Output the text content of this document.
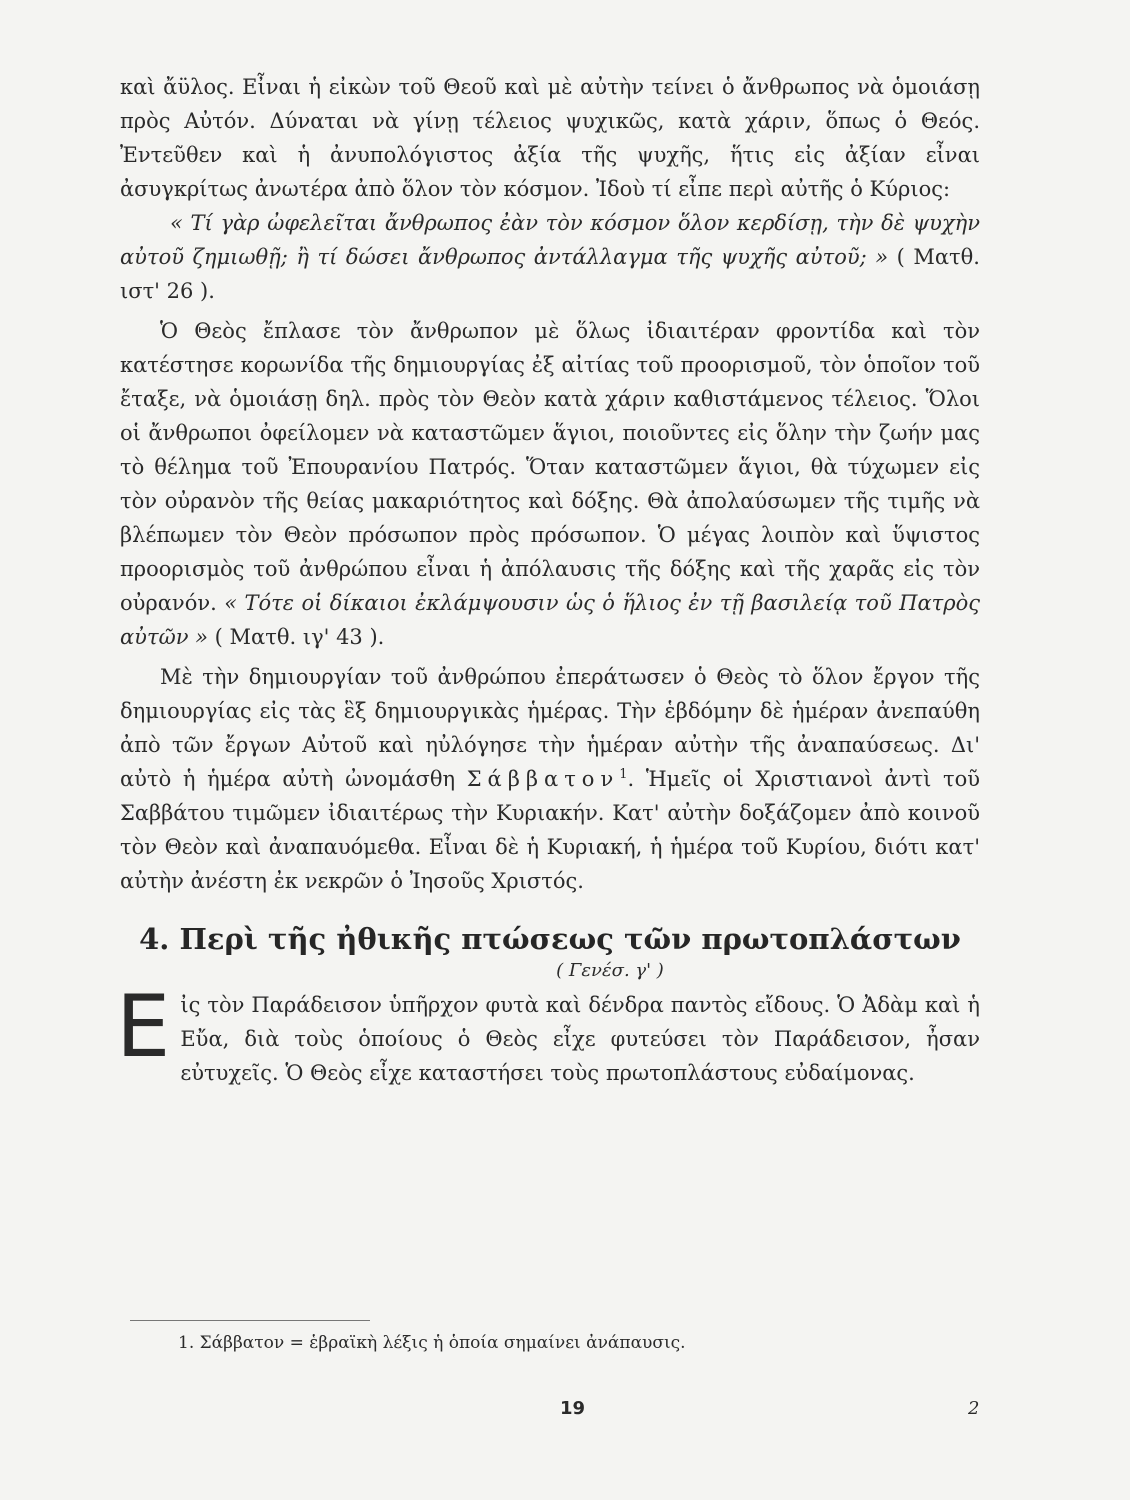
καὶ ἄϋλος. Εἶναι ἡ εἰκὼν τοῦ Θεοῦ καὶ μὲ αὐτὴν τείνει ὁ ἄνθρωπος νὰ ὁμοιάσῃ πρὸς Αὐτόν. Δύναται νὰ γίνῃ τέλειος ψυχικῶς, κατὰ χάριν, ὅπως ὁ Θεός. Ἐντεῦθεν καὶ ἡ ἀνυπολόγιστος ἀξία τῆς ψυχῆς, ἥτις εἰς ἀξίαν εἶναι ἀσυγκρίτως ἀνωτέρα ἀπὸ ὅλον τὸν κόσμον. Ἰδοὺ τί εἶπε περὶ αὐτῆς ὁ Κύριος:

« Τί γὰρ ὠφελεῖται ἄνθρωπος ἐὰν τὸν κόσμον ὅλον κερδίσῃ, τὴν δὲ ψυχὴν αὐτοῦ ζημιωθῇ; ἢ τί δώσει ἄνθρωπος ἀντάλλαγμα τῆς ψυχῆς αὐτοῦ; » ( Ματθ. ιστ' 26 ).

Ὁ Θεὸς ἔπλασε τὸν ἄνθρωπον μὲ ὅλως ἰδιαιτέραν φροντίδα καὶ τὸν κατέστησε κορωνίδα τῆς δημιουργίας ἐξ αἰτίας τοῦ προορισμοῦ, τὸν ὁποῖον τοῦ ἔταξε, νὰ ὁμοιάσῃ δηλ. πρὸς τὸν Θεὸν κατὰ χάριν καθιστάμενος τέλειος. Ὅλοι οἱ ἄνθρωποι ὀφείλομεν νὰ καταστῶμεν ἅγιοι, ποιοῦντες εἰς ὅλην τὴν ζωήν μας τὸ θέλημα τοῦ Ἐπουρανίου Πατρός. Ὅταν καταστῶμεν ἅγιοι, θὰ τύχωμεν εἰς τὸν οὐρανὸν τῆς θείας μακαριότητος καὶ δόξης. Θὰ ἀπολαύσωμεν τῆς τιμῆς νὰ βλέπωμεν τὸν Θεὸν πρόσωπον πρὸς πρόσωπον. Ὁ μέγας λοιπὸν καὶ ὕψιστος προορισμὸς τοῦ ἀνθρώπου εἶναι ἡ ἀπόλαυσις τῆς δόξης καὶ τῆς χαρᾶς εἰς τὸν οὐρανόν. « Τότε οἱ δίκαιοι ἐκλάμψουσιν ὡς ὁ ἥλιος ἐν τῇ βασιλείᾳ τοῦ Πατρὸς αὐτῶν » ( Ματθ. ιγ' 43 ).

Μὲ τὴν δημιουργίαν τοῦ ἀνθρώπου ἐπεράτωσεν ὁ Θεὸς τὸ ὅλον ἔργον τῆς δημιουργίας εἰς τὰς ἓξ δημιουργικὰς ἡμέρας. Τὴν ἑβδόμην δὲ ἡμέραν ἀνεπαύθη ἀπὸ τῶν ἔργων Αὐτοῦ καὶ ηὐλόγησε τὴν ἡμέραν αὐτὴν τῆς ἀναπαύσεως. Δι' αὐτὸ ἡ ἡμέρα αὐτὴ ὠνομάσθη Σάββατον$^1$. Ἡμεῖς οἱ Χριστιανοὶ ἀντὶ τοῦ Σαββάτου τιμῶμεν ἰδιαιτέρως τὴν Κυριακήν. Κατ' αὐτὴν δοξάζομεν ἀπὸ κοινοῦ τὸν Θεὸν καὶ ἀναπαυόμεθα. Εἶναι δὲ ἡ Κυριακή, ἡ ἡμέρα τοῦ Κυρίου, διότι κατ' αὐτὴν ἀνέστη ἐκ νεκρῶν ὁ Ἰησοῦς Χριστός.

4. Περὶ τῆς ἠθικῆς πτώσεως τῶν πρωτοπλάστων
( Γενέσ. γ' )

Εἰς τὸν Παράδεισον ὑπῆρχον φυτὰ καὶ δένδρα παντὸς εἴδους. Ὁ Ἀδὰμ καὶ ἡ Εὔα, διὰ τοὺς ὁποίους ὁ Θεὸς εἶχε φυτεύσει τὸν Παράδεισον, ἦσαν εὐτυχεῖς. Ὁ Θεὸς εἶχε καταστήσει τοὺς πρωτοπλάστους εὐδαίμονας.

1. Σάββατον = ἑβραϊκὴ λέξις ἡ ὁποία σημαίνει ἀνάπαυσις.
19	2
